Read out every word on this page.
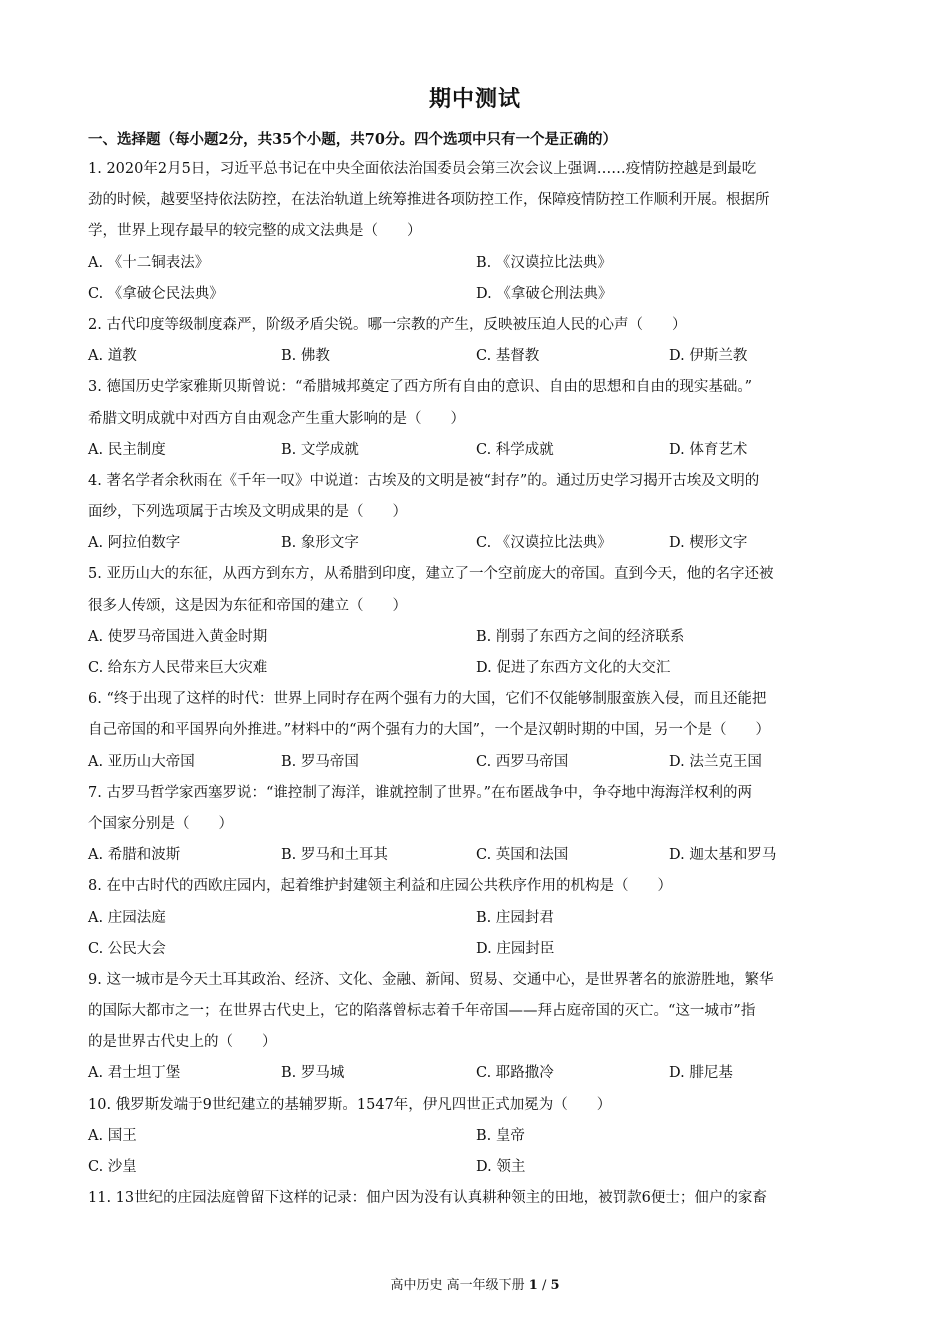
期中测试
一、选择题（每小题2分，共35个小题，共70分。四个选项中只有一个是正确的）
1. 2020年2月5日，习近平总书记在中央全面依法治国委员会第三次会议上强调……疫情防控越是到最吃
劲的时候，越要坚持依法防控，在法治轨道上统筹推进各项防控工作，保障疫情防控工作顺利开展。根据所
学，世界上现存最早的较完整的成文法典是（　　）
A. 《十二铜表法》	B. 《汉谟拉比法典》
C. 《拿破仑民法典》	D. 《拿破仑刑法典》
2. 古代印度等级制度森严，阶级矛盾尖锐。哪一宗教的产生，反映被压迫人民的心声（　　）
A. 道教	B. 佛教	C. 基督教	D. 伊斯兰教
3. 德国历史学家雅斯贝斯曾说：“希腊城邦奠定了西方所有自由的意识、自由的思想和自由的现实基础。”
希腊文明成就中对西方自由观念产生重大影响的是（　　）
A. 民主制度	B. 文学成就	C. 科学成就	D. 体育艺术
4. 著名学者余秋雨在《千年一叹》中说道：古埃及的文明是被“封存”的。通过历史学习揭开古埃及文明的
面纱，下列选项属于古埃及文明成果的是（　　）
A. 阿拉伯数字	B. 象形文字	C. 《汉谟拉比法典》	D. 楔形文字
5. 亚历山大的东征，从西方到东方，从希腊到印度，建立了一个空前庞大的帝国。直到今天，他的名字还被
很多人传颂，这是因为东征和帝国的建立（　　）
A. 使罗马帝国进入黄金时期	B. 削弱了东西方之间的经济联系
C. 给东方人民带来巨大灾难	D. 促进了东西方文化的大交汇
6. “终于出现了这样的时代：世界上同时存在两个强有力的大国，它们不仅能够制服蛮族入侵，而且还能把
自己帝国的和平国界向外推进。”材料中的“两个强有力的大国”，一个是汉朝时期的中国，另一个是（　　）
A. 亚历山大帝国	B. 罗马帝国	C. 西罗马帝国	D. 法兰克王国
7. 古罗马哲学家西塞罗说：“谁控制了海洋，谁就控制了世界。”在布匿战争中，争夺地中海海洋权利的两
个国家分别是（　　）
A. 希腊和波斯	B. 罗马和土耳其	C. 英国和法国	D. 迦太基和罗马
8. 在中古时代的西欧庄园内，起着维护封建领主利益和庄园公共秩序作用的机构是（　　）
A. 庄园法庭	B. 庄园封君
C. 公民大会	D. 庄园封臣
9. 这一城市是今天土耳其政治、经济、文化、金融、新闻、贸易、交通中心，是世界著名的旅游胜地，繁华
的国际大都市之一；在世界古代史上，它的陷落曾标志着千年帝国——拜占庭帝国的灭亡。“这一城市”指
的是世界古代史上的（　　）
A. 君士坦丁堡	B. 罗马城	C. 耶路撒冷	D. 腓尼基
10. 俄罗斯发端于9世纪建立的基辅罗斯。1547年，伊凡四世正式加冕为（　　）
A. 国王	B. 皇帝
C. 沙皇	D. 领主
11. 13世纪的庄园法庭曾留下这样的记录：佃户因为没有认真耕种领主的田地，被罚款6便士；佃户的家畜
高中历史 高一年级下册 1 / 5
